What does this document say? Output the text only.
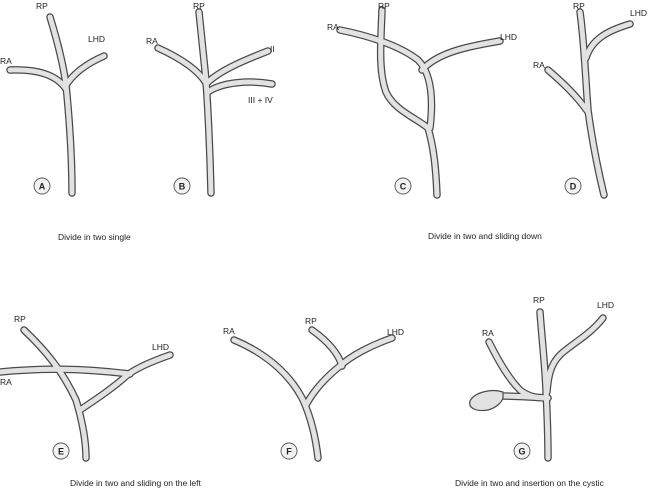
RP
LHD
RA
A
RP
RA
II
III + IV
B
RP
RA
LHD
C
RP
LHD
RA
D
RP
LHD
RA
E
RA
RP
LHD
F
RP	LHD
RA
G
Divide in two single	Divide in two and sliding down
Divide in two and sliding on the left	Divide in two and insertion on the cystic
